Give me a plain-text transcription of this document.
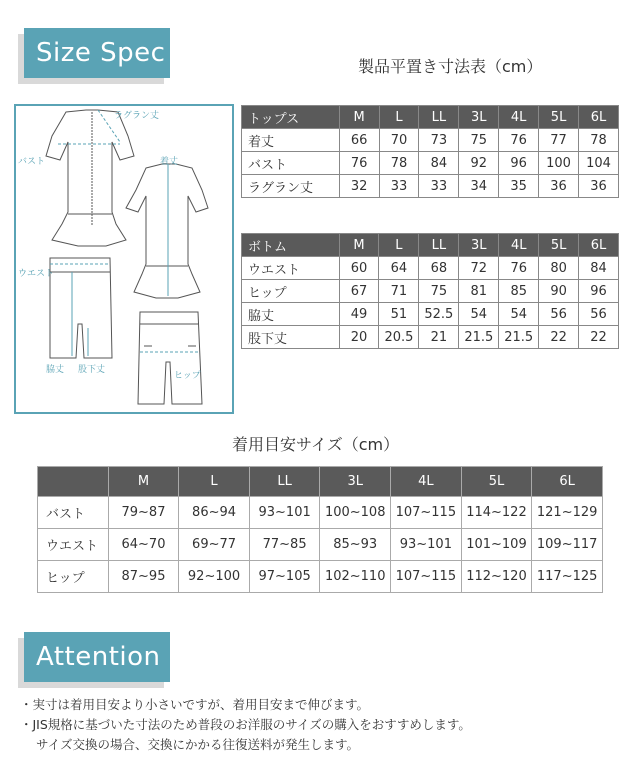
Size Spec	製品平置き寸法表（cm）
ラグラン丈
バスト	着丈
ウエスト
ヒップ
脇丈 股下丈
トップス	M	L	LL	3L	4L	5L	6L
着丈	66	70	73	75	76	77	78
バスト	76	78	84	92	96	100	104
ラグラン丈	32	33	33	34	35	36	36
ボトム	M	L	LL	3L	4L	5L	6L
ウエスト	60	64	68	72	76	80	84
ヒップ	67	71	75	81	85	90	96
脇丈	49	51	52.5	54	54	56	56
股下丈	20	20.5	21	21.5	21.5	22	22
着用目安サイズ（cm）
	M	L	LL	3L	4L	5L	6L
バスト	79~87	86~94	93~101	100~108	107~115	114~122	121~129
ウエスト	64~70	69~77	77~85	85~93	93~101	101~109	109~117
ヒップ	87~95	92~100	97~105	102~110	107~115	112~120	117~125
Attention
・実寸は着用目安より小さいですが、着用目安まで伸びます。
・JIS規格に基づいた寸法のため普段のお洋服のサイズの購入をおすすめします。
サイズ交換の場合、交換にかかる往復送料が発生します。
